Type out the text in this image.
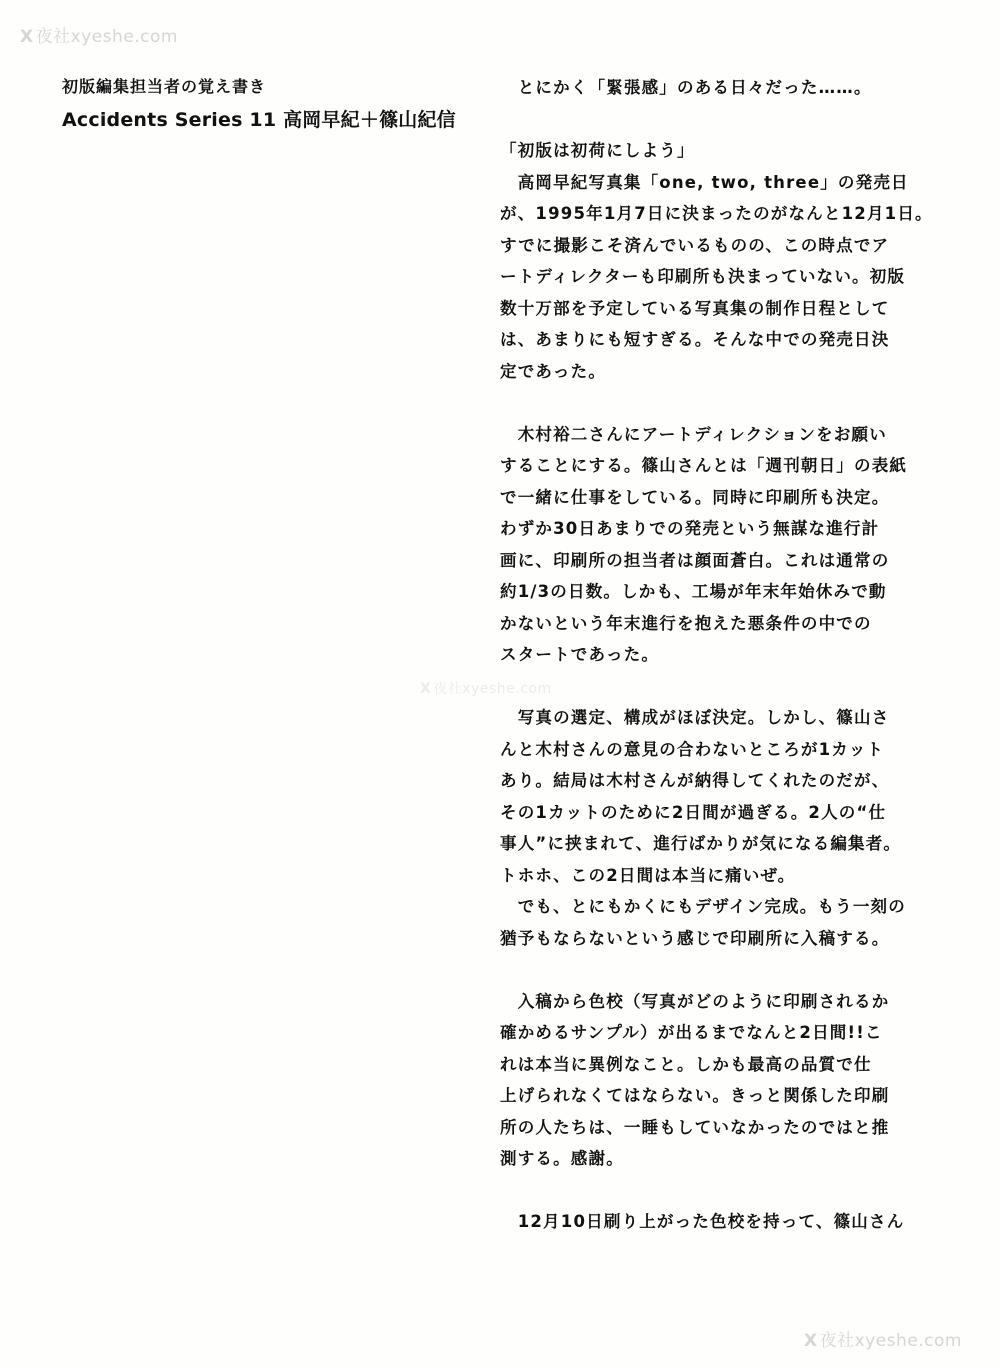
X 夜社xyeshe.com
X 夜社xyeshe.com
X 夜社xyeshe.com
初版編集担当者の覚え書き
Accidents Series 11 高岡早紀＋篠山紀信
　とにかく「緊張感」のある日々だった……。
「初版は初荷にしよう」
　高岡早紀写真集「one, two, three」の発売日
が、1995年1月7日に決まったのがなんと12月1日。
すでに撮影こそ済んでいるものの、この時点でア
ートディレクターも印刷所も決まっていない。初版
数十万部を予定している写真集の制作日程として
は、あまりにも短すぎる。そんな中での発売日決
定であった。
　木村裕二さんにアートディレクションをお願い
することにする。篠山さんとは「週刊朝日」の表紙
で一緒に仕事をしている。同時に印刷所も決定。
わずか30日あまりでの発売という無謀な進行計
画に、印刷所の担当者は顔面蒼白。これは通常の
約1/3の日数。しかも、工場が年末年始休みで動
かないという年末進行を抱えた悪条件の中での
スタートであった。
　写真の選定、構成がほぼ決定。しかし、篠山さ
んと木村さんの意見の合わないところが1カット
あり。結局は木村さんが納得してくれたのだが、
その1カットのために2日間が過ぎる。2人の“仕
事人”に挟まれて、進行ばかりが気になる編集者。
トホホ、この2日間は本当に痛いぜ。
　でも、とにもかくにもデザイン完成。もう一刻の
猶予もならないという感じで印刷所に入稿する。
　入稿から色校（写真がどのように印刷されるか
確かめるサンプル）が出るまでなんと2日間!!こ
れは本当に異例なこと。しかも最高の品質で仕
上げられなくてはならない。きっと関係した印刷
所の人たちは、一睡もしていなかったのではと推
測する。感謝。
　12月10日刷り上がった色校を持って、篠山さん
